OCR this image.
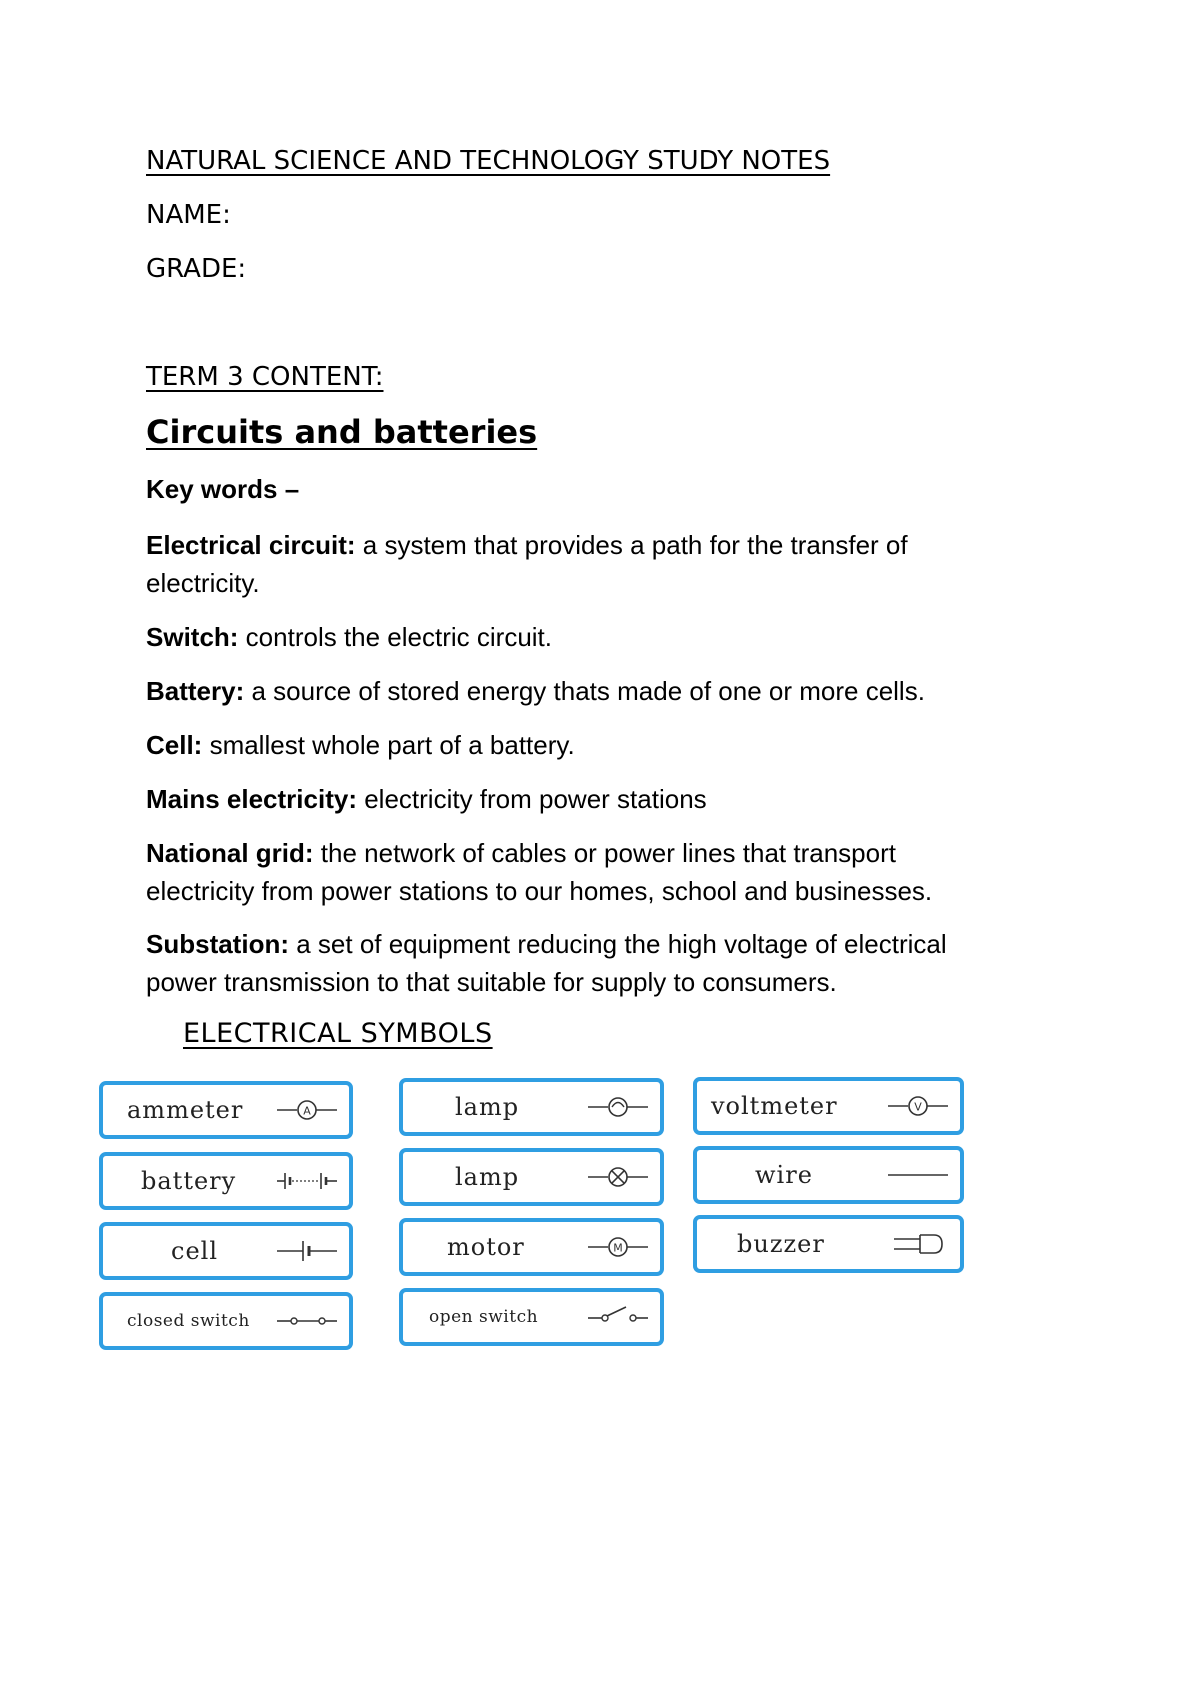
NATURAL SCIENCE AND TECHNOLOGY STUDY NOTES
NAME:
GRADE:
TERM 3 CONTENT:
Circuits and batteries
Key words –
Electrical circuit: a system that provides a path for the transfer of
electricity.
Switch: controls the electric circuit.
Battery: a source of stored energy thats made of one or more cells.
Cell: smallest whole part of a battery.
Mains electricity: electricity from power stations
National grid: the network of cables or power lines that transport
electricity from power stations to our homes, school and businesses.
Substation: a set of equipment reducing the high voltage of electrical
power transmission to that suitable for supply to consumers.
ELECTRICAL SYMBOLS
ammeter	A
battery
cell
closed switch
lamp
lamp
motor	M
open switch
voltmeter	V
wire
buzzer
